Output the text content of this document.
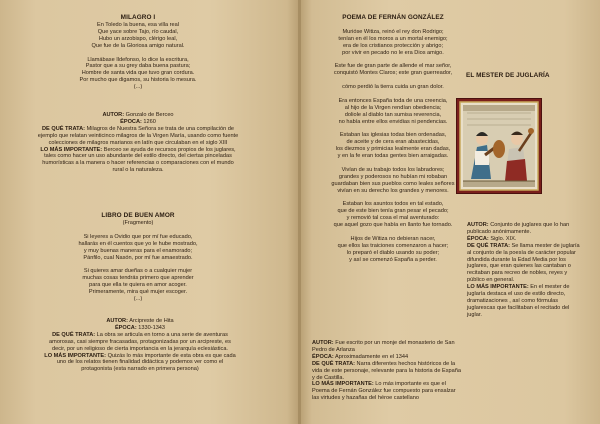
MILAGRO I

En Toledo la buena, esa villa real

Que yace sobre Tajo, río caudal,

Hubo un arzobispo, clérigo leal,

Que fue de la Gloriosa amigo natural.

Llamábase Ildefonso, lo dice la escritura,

Pastor que a su grey daba buena pastura;

Hombre de santa vida que tuvo gran cordura.

Por mucho que digamos, su historia lo mesura.

(...)

AUTOR: Gonzalo de Berceo

ÉPOCA: 1260

DE QUÉ TRATA: Milagros de Nuestra Señora se trata de una compilación de ejemplo que relatan veinticinco milagros de la Virgen María, usando como fuente colecciones de milagros marianos en latín que circulaban en el siglo XIII

LO MÁS IMPORTANTE: Berceo se ayuda de recursos propios de los juglares, tales como hacer un uso abundante del estilo directo, del ciertas pinceladas humorísticas a la manera o hacer referencias o comparaciones con el mundo rural o la naturaleza.

LIBRO DE BUEN AMOR

(Fragmento)

Si leyeres a Ovidio que por mí fue educado,

hallarás en él cuentos que yo le hube mostrado,

y muy buenas maneras para el enamorado;

Pánfilo, cual Nasón, por mí fue amaestrado.

Si quieres amar dueñas o a cualquier mujer

muchas cosas tendrás primero que aprender

para que ella te quiera en amor acoger.

Primeramente, mira qué mujer escoger.

(...)

AUTOR: Arcipreste de Hita

ÉPOCA: 1330-1343

DE QUÉ TRATA: La obra se articula en torno a una serie de aventuras amorosas, casi siempre fracasadas, protagonizadas por un arcipreste, es decir, por un religioso de cierta importancia en la jerarquía eclesiástica.

LO MÁS IMPORTANTE: Quizás lo más importante de esta obra es que cada uno de los relatos tienen finalidad didáctica y podemos ver como el protagonista (esta narrado en primera persona)

POEMA DE FERNÁN GONZÁLEZ

Murióse Witiza, reinó el rey don Rodrigo;

tenían en él los moros a un mortal enemigo;

era de los cristianos protección y abrigo;

por vivir en pecado no le era Dios amigo.

Este fue de gran parte de allende el mar señor,

conquistó Montes Claros; este gran guerreador,

cómo perdió la tierra cuida un gran dolor.

Era entonces España toda de una creencia,

al hijo de la Virgen rendían obediencia;

doliole al diablo tan sumisa reverencia,

no había entre ellos envidias ni pendencias.

Estaban las iglesias todas bien ordenadas,

de aceite y de cera eran abastecidas,

los diezmos y primicias lealmente eran dadas,

y en la fe eran todas gentes bien arraigadas.

Vivían de su trabajo todos los labradores;

grandes y poderosos no hubían mi robaban

guardaban bien sus pueblos como leales señores

vivían en su derecho los grandes y menores.

Estaban los asuntos todos en tal estado,

que de este bien tenía gran pesar el pecado;

y removió tal cosa el mal aventurado:

que aquel gozo que había en llanto fue tornado.

Hijos de Witiza no debieran nacer,

que ellos las traiciones comenzaron a hacer;

lo preparó el diablo usando su poder;

y así se comenzó España a perder.

AUTOR: Fue escrito por un monje del monasterio de San Pedro de Arlanza

ÉPOCA: Aproximadamente en el 1344

DE QUÉ TRATA: Narra diferentes hechos históricos de la vida de este personaje, relevante para la historia de España y de Castilla.

LO MÁS IMPORTANTE: Lo más importante es que el Poema de Fernán González fue compuesto para ensalzar las virtudes y hazañas del héroe castellano

EL MESTER DE JUGLARÍA

AUTOR: Conjunto de juglares que lo han publicado anónimamente.

ÉPOCA: Siglo. XIX.

DE QUÉ TRATA: Se llama mester de juglaría al conjunto de la poesía de carácter popular difundida durante la Edad Media por los juglares, que eran quienes las cantaban o recitaban para recreo de nobles, reyes y público en general.

LO MÁS IMPORTANTE: En el mester de juglaría destaca el uso de estilo directo, dramatizaciones , así como fórmulas juglarescas que facilitaban el recitado del juglar.
